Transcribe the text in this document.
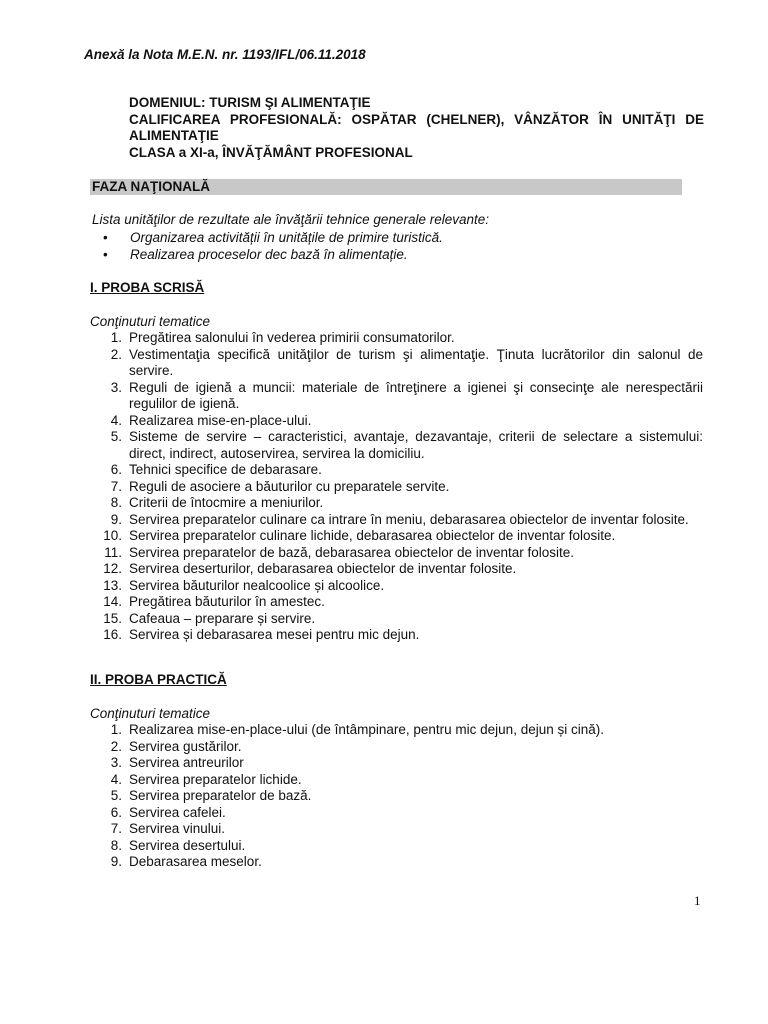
Anexă la Nota M.E.N. nr. 1193/IFL/06.11.2018
DOMENIUL: TURISM ŞI ALIMENTAŢIE
CALIFICAREA PROFESIONALĂ: OSPĂTAR (CHELNER), VÂNZĂTOR ÎN UNITĂŢI DE
ALIMENTAŢIE
CLASA a XI-a, ÎNVĂŢĂMÂNT PROFESIONAL
FAZA NAŢIONALĂ
Lista unităţilor de rezultate ale învăţării tehnice generale relevante:
• Organizarea activității în unitățile de primire turistică.
• Realizarea proceselor dec bază în alimentație.
I. PROBA SCRISĂ
Conţinuturi tematice
1. Pregătirea salonului în vederea primirii consumatorilor.
2. Vestimentaţia specifică unităţilor de turism şi alimentaţie. Ţinuta lucrătorilor din salonul de servire.
3. Reguli de igienă a muncii: materiale de întreţinere a igienei şi consecinţe ale nerespectării regulilor de igienă.
4. Realizarea mise-en-place-ului.
5. Sisteme de servire – caracteristici, avantaje, dezavantaje, criterii de selectare a sistemului: direct, indirect, autoservirea, servirea la domiciliu.
6. Tehnici specifice de debarasare.
7. Reguli de asociere a băuturilor cu preparatele servite.
8. Criterii de întocmire a meniurilor.
9. Servirea preparatelor culinare ca intrare în meniu, debarasarea obiectelor de inventar folosite.
10. Servirea preparatelor culinare lichide, debarasarea obiectelor de inventar folosite.
11. Servirea preparatelor de bază, debarasarea obiectelor de inventar folosite.
12. Servirea deserturilor, debarasarea obiectelor de inventar folosite.
13. Servirea băuturilor nealcoolice și alcoolice.
14. Pregătirea băuturilor în amestec.
15. Cafeaua – preparare și servire.
16. Servirea și debarasarea mesei pentru mic dejun.
II. PROBA PRACTICĂ
Conţinuturi tematice
1. Realizarea mise-en-place-ului (de întâmpinare, pentru mic dejun, dejun și cină).
2. Servirea gustărilor.
3. Servirea antreurilor
4. Servirea preparatelor lichide.
5. Servirea preparatelor de bază.
6. Servirea cafelei.
7. Servirea vinului.
8. Servirea desertului.
9. Debarasarea meselor.
1
